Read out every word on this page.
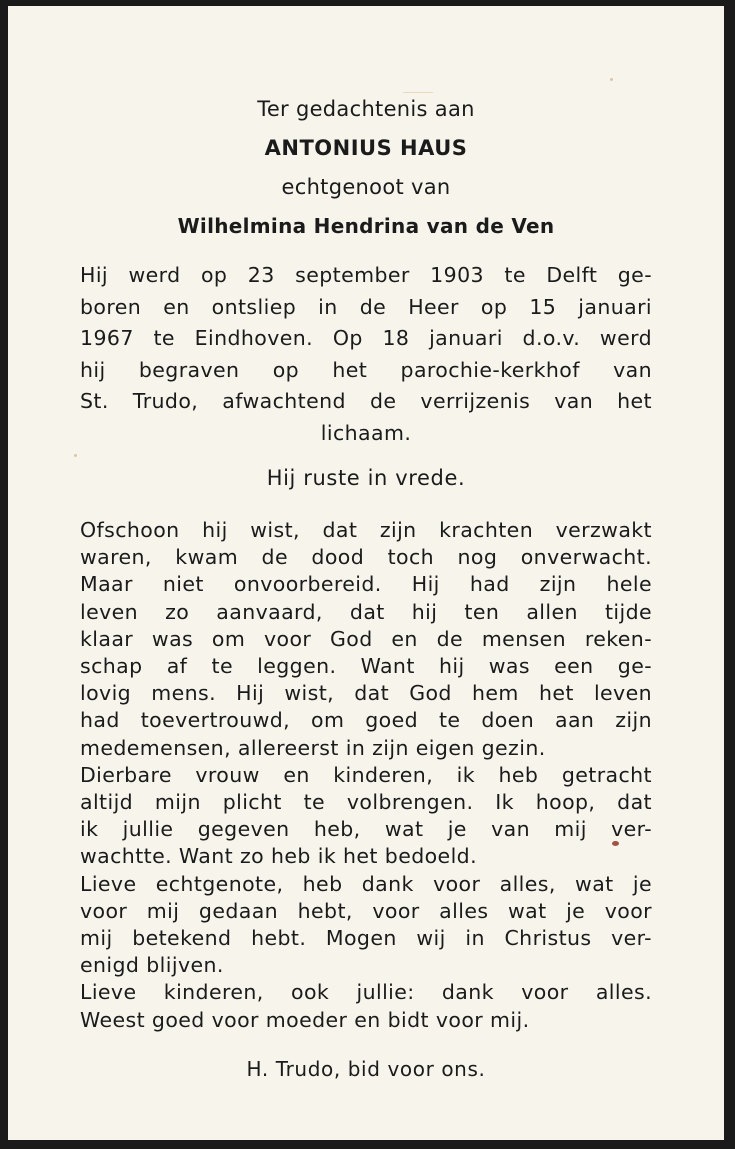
Ter gedachtenis aan
ANTONIUS HAUS
echtgenoot van
Wilhelmina Hendrina van de Ven
Hij werd op 23 september 1903 te Delft ge-
boren en ontsliep in de Heer op 15 januari
1967 te Eindhoven. Op 18 januari d.o.v. werd
hij begraven op het parochie-kerkhof van
St. Trudo, afwachtend de verrijzenis van het
lichaam.
Hij ruste in vrede.
Ofschoon hij wist, dat zijn krachten verzwakt
waren, kwam de dood toch nog onverwacht.
Maar niet onvoorbereid. Hij had zijn hele
leven zo aanvaard, dat hij ten allen tijde
klaar was om voor God en de mensen reken-
schap af te leggen. Want hij was een ge-
lovig mens. Hij wist, dat God hem het leven
had toevertrouwd, om goed te doen aan zijn
medemensen, allereerst in zijn eigen gezin.
Dierbare vrouw en kinderen, ik heb getracht
altijd mijn plicht te volbrengen. Ik hoop, dat
ik jullie gegeven heb, wat je van mij ver-
wachtte. Want zo heb ik het bedoeld.
Lieve echtgenote, heb dank voor alles, wat je
voor mij gedaan hebt, voor alles wat je voor
mij betekend hebt. Mogen wij in Christus ver-
enigd blijven.
Lieve kinderen, ook jullie: dank voor alles.
Weest goed voor moeder en bidt voor mij.
H. Trudo, bid voor ons.
